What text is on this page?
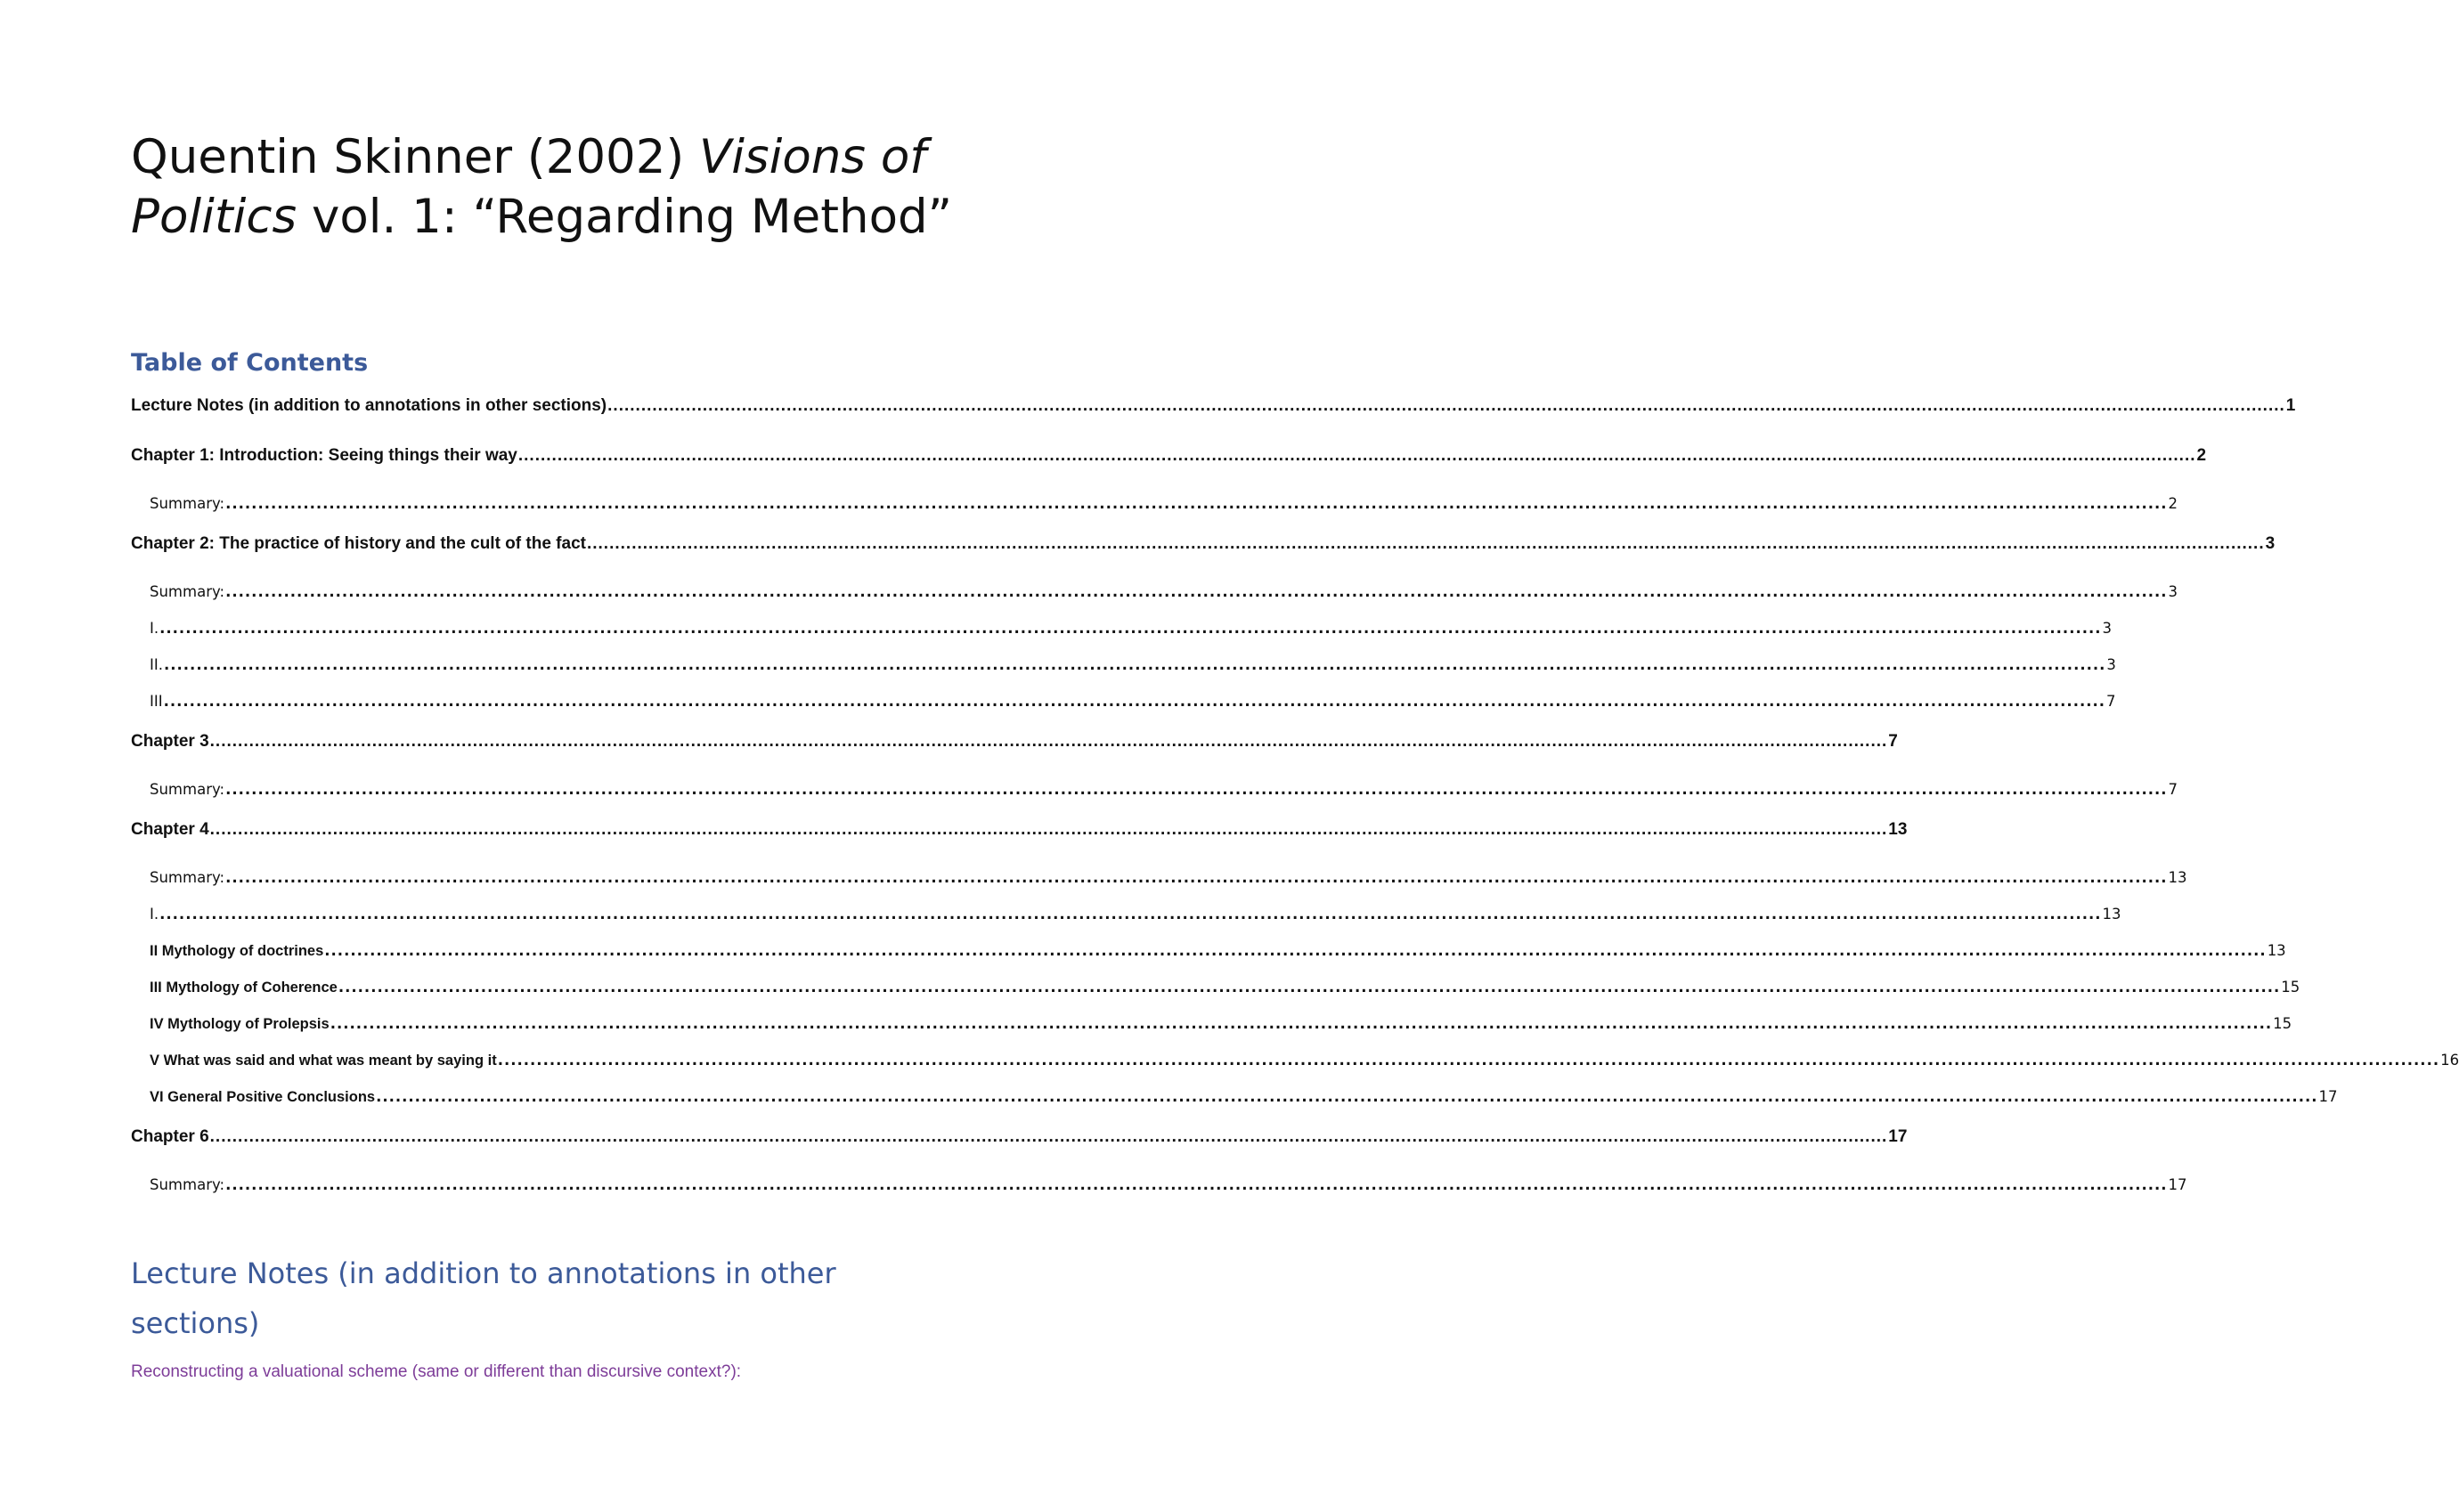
Quentin Skinner (2002) Visions of Politics vol. 1: “Regarding Method”
Table of Contents
Lecture Notes (in addition to annotations in other sections) ............................................................................................................................................................................................................................................................................................................ 1
Chapter 1: Introduction: Seeing things their way ............................................................................................................................................................................................................................................................................................................ 2
Summary: ............................................................................................................................................................................................................................................................................................................ 2
Chapter 2: The practice of history and the cult of the fact ............................................................................................................................................................................................................................................................................................................ 3
Summary: ............................................................................................................................................................................................................................................................................................................ 3
I. ............................................................................................................................................................................................................................................................................................................ 3
II. ............................................................................................................................................................................................................................................................................................................ 3
III ............................................................................................................................................................................................................................................................................................................ 7
Chapter 3 ............................................................................................................................................................................................................................................................................................................ 7
Summary: ............................................................................................................................................................................................................................................................................................................ 7
Chapter 4 ............................................................................................................................................................................................................................................................................................................ 13
Summary: ............................................................................................................................................................................................................................................................................................................ 13
I. ............................................................................................................................................................................................................................................................................................................ 13
II Mythology of doctrines ............................................................................................................................................................................................................................................................................................................ 13
III Mythology of Coherence ............................................................................................................................................................................................................................................................................................................ 15
IV Mythology of Prolepsis ............................................................................................................................................................................................................................................................................................................ 15
V What was said and what was meant by saying it ............................................................................................................................................................................................................................................................................................................ 16
VI General Positive Conclusions ............................................................................................................................................................................................................................................................................................................ 17
Chapter 6 ............................................................................................................................................................................................................................................................................................................ 17
Summary: ............................................................................................................................................................................................................................................................................................................ 17
Lecture Notes (in addition to annotations in other sections)
Reconstructing a valuational scheme (same or different than discursive context?):
